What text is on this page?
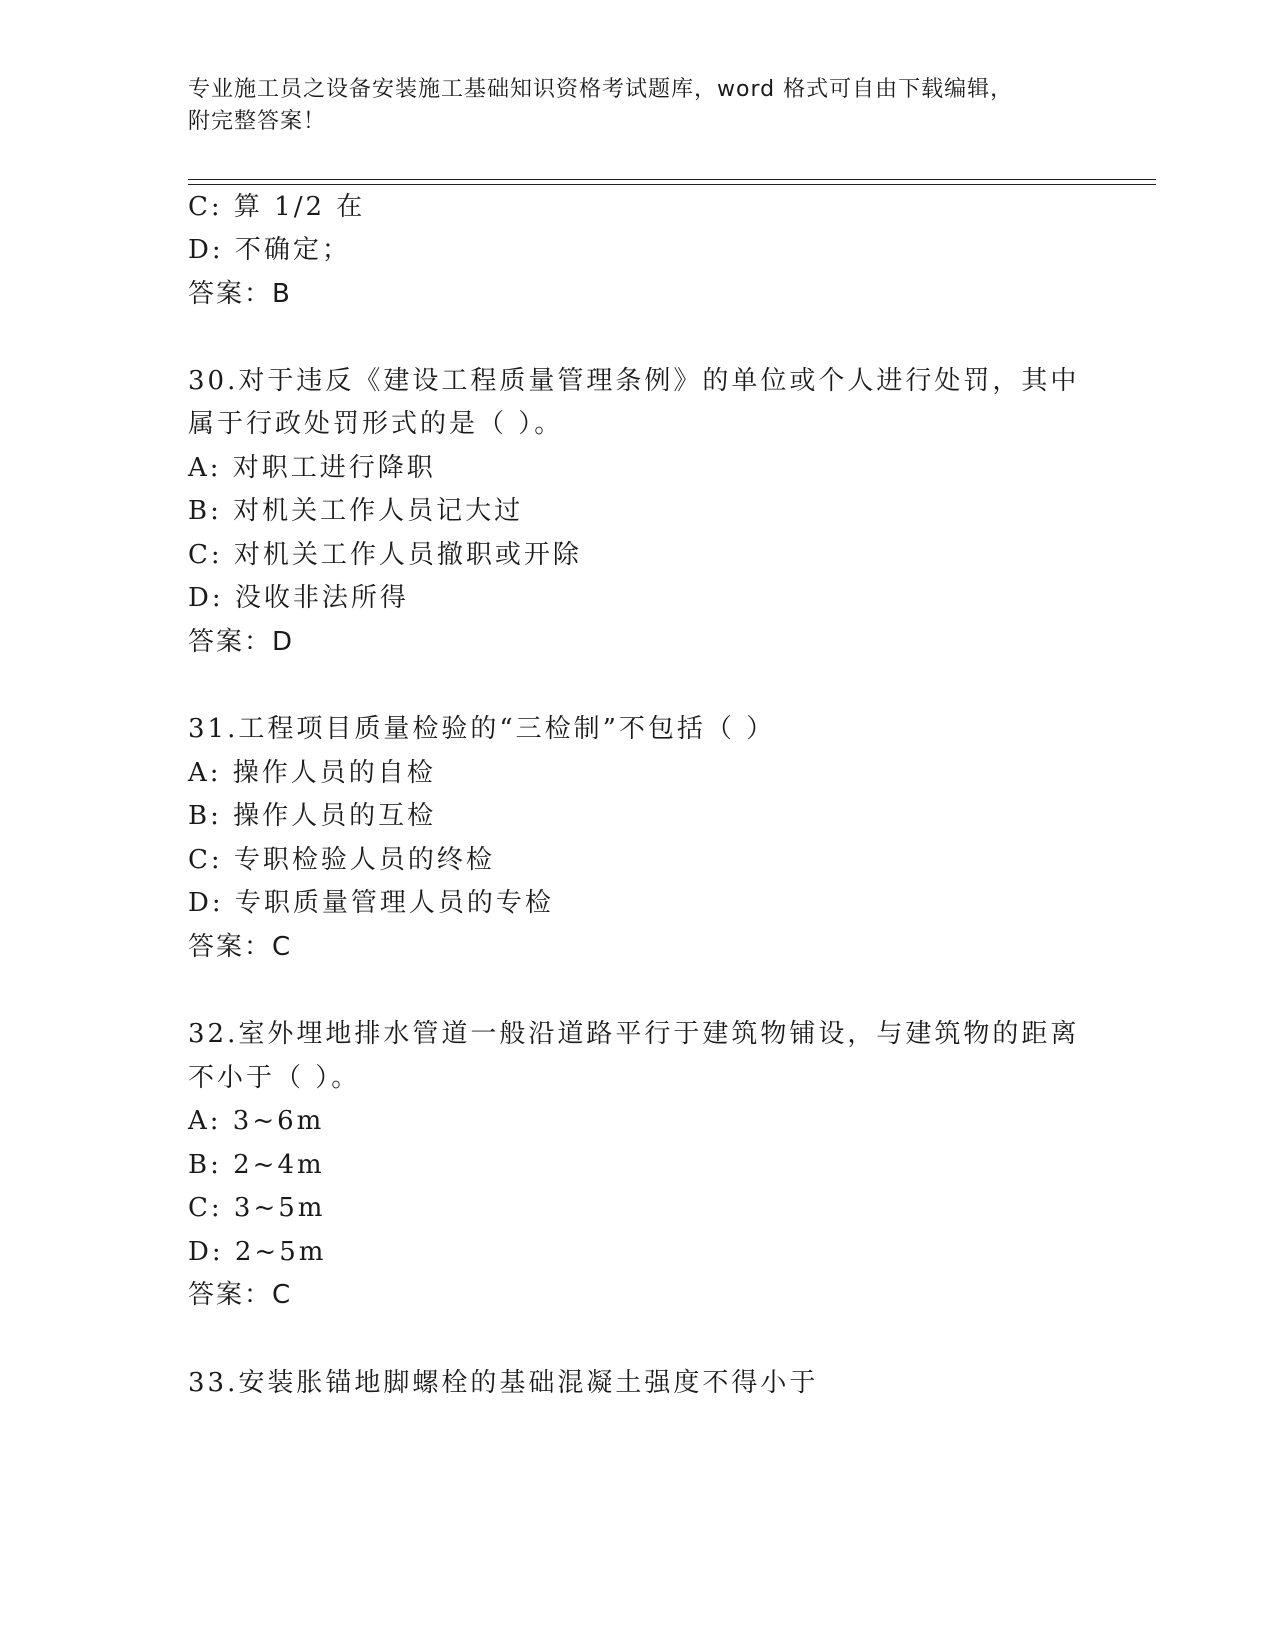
专业施工员之设备安装施工基础知识资格考试题库，word 格式可自由下载编辑，
附完整答案！
C: 算 1/2 在
D: 不确定；
答案：B
30.对于违反《建设工程质量管理条例》的单位或个人进行处罚，其中
属于行政处罚形式的是（ ）。
A: 对职工进行降职
B: 对机关工作人员记大过
C: 对机关工作人员撤职或开除
D: 没收非法所得
答案：D
31.工程项目质量检验的“三检制”不包括（ ）
A: 操作人员的自检
B: 操作人员的互检
C: 专职检验人员的终检
D: 专职质量管理人员的专检
答案：C
32.室外埋地排水管道一般沿道路平行于建筑物铺设，与建筑物的距离
不小于（ ）。
A: 3~6m
B: 2~4m
C: 3~5m
D: 2~5m
答案：C
33.安装胀锚地脚螺栓的基础混凝土强度不得小于
